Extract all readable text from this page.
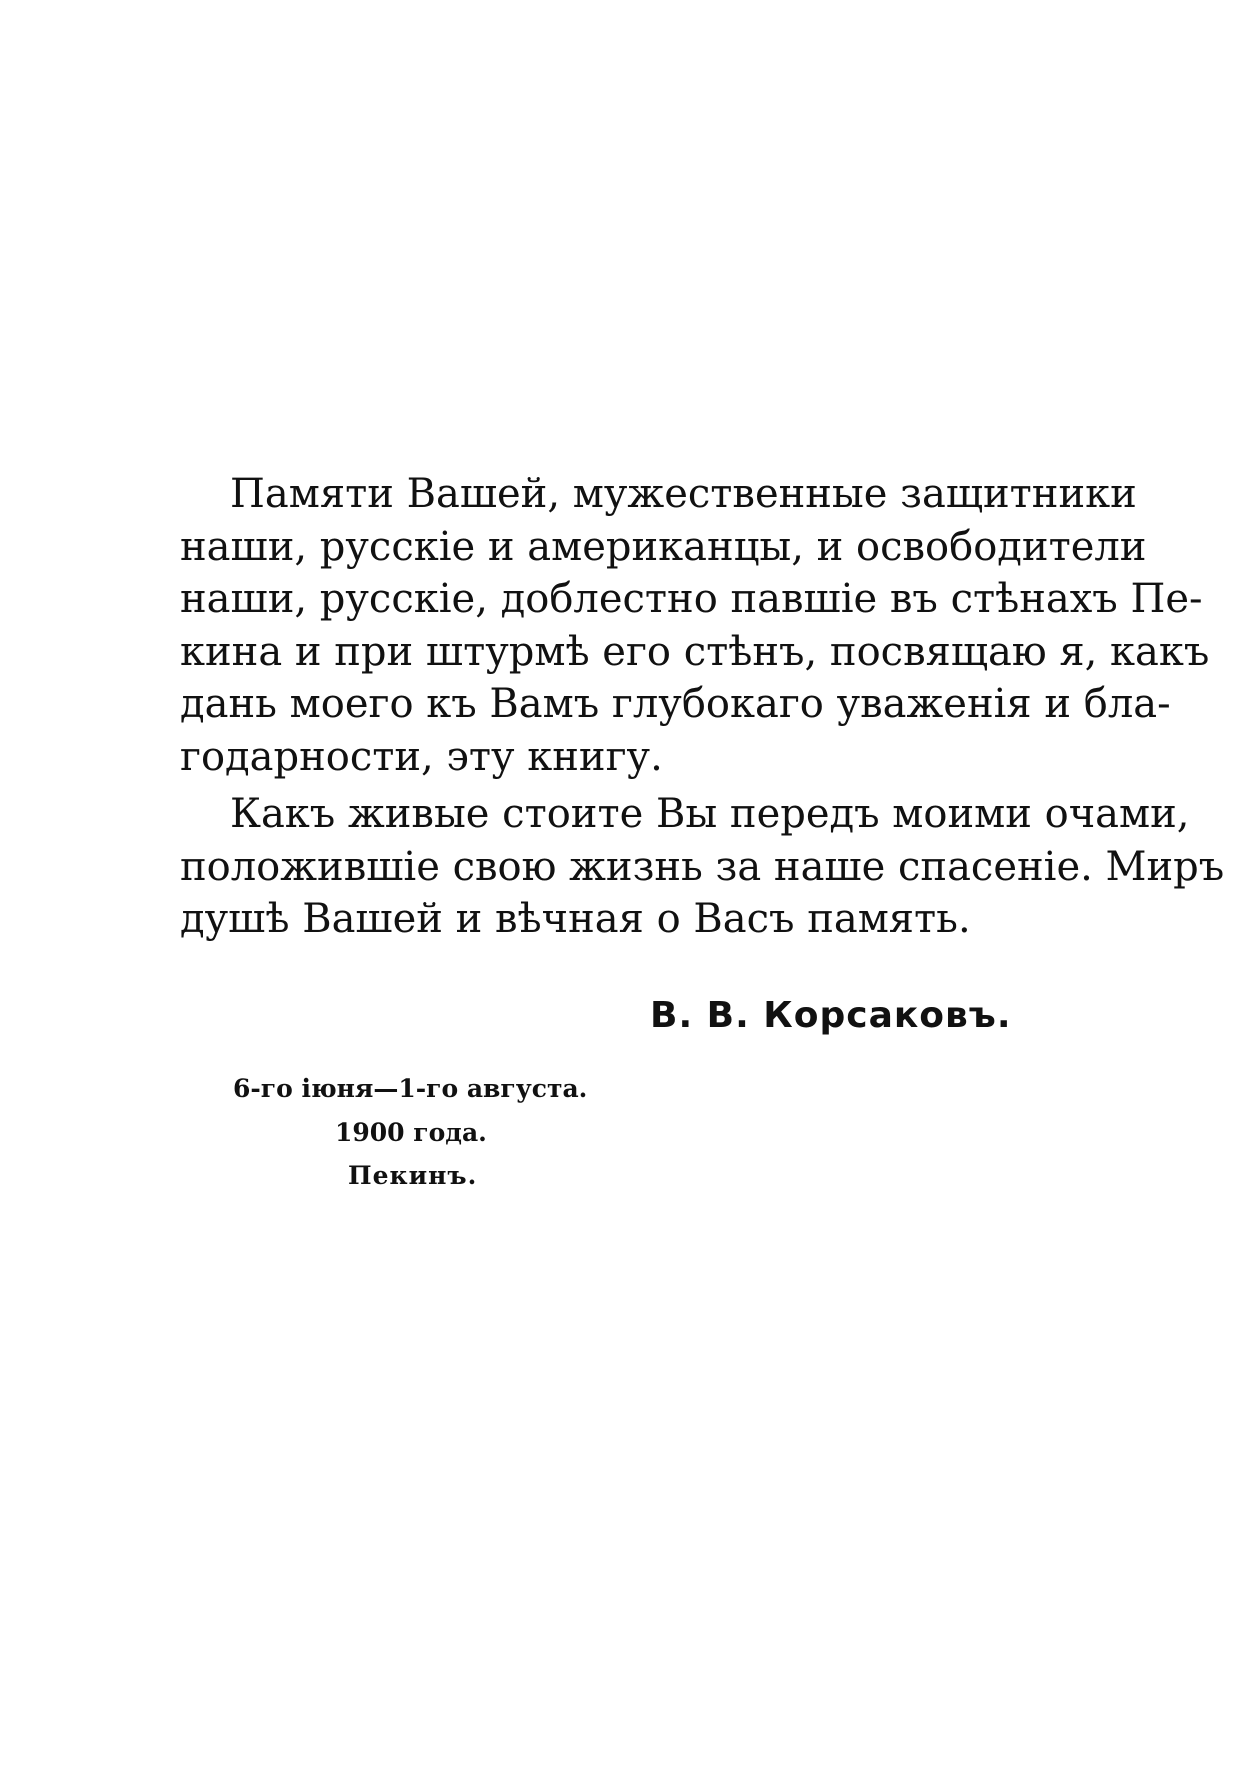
Памяти Вашей, мужественные защитники
наши, русскіе и американцы, и освободители
наши, русскіе, доблестно павшіе въ стѣнахъ Пе-
кина и при штурмѣ его стѣнъ, посвящаю я, какъ
дань моего къ Вамъ глубокаго уваженія и бла-
годарности, эту книгу.
Какъ живые стоите Вы передъ моими очами,
положившіе свою жизнь за наше спасеніе. Миръ
душѣ Вашей и вѣчная о Васъ память.
В. В. Корсаковъ.
6-го іюня—1-го августа.
1900 года.
Пекинъ.
